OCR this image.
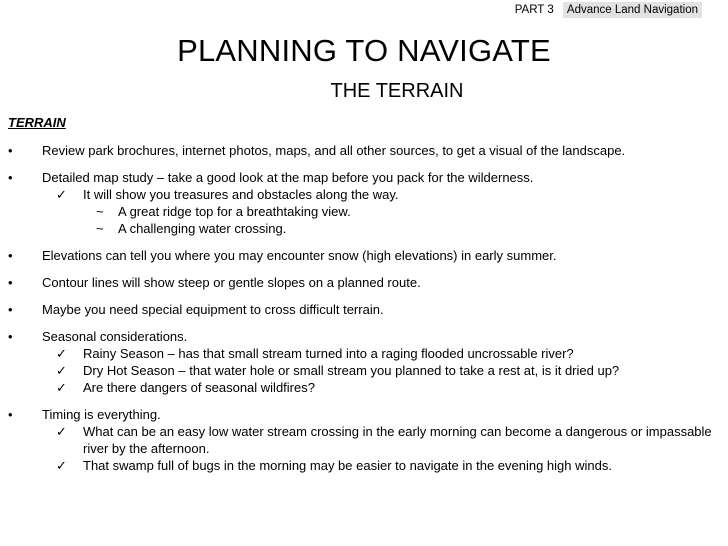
PART 3 Advance Land Navigation
PLANNING TO NAVIGATE
THE TERRAIN
TERRAIN
• Review park brochures, internet photos, maps, and all other sources, to get a visual of the landscape.
• Detailed map study – take a good look at the map before you pack for the wilderness.
✓ It will show you treasures and obstacles along the way.
~ A great ridge top for a breathtaking view.
~ A challenging water crossing.
• Elevations can tell you where you may encounter snow (high elevations) in early summer.
• Contour lines will show steep or gentle slopes on a planned route.
• Maybe you need special equipment to cross difficult terrain.
• Seasonal considerations.
✓ Rainy Season – has that small stream turned into a raging flooded uncrossable river?
✓ Dry Hot Season – that water hole or small stream you planned to take a rest at, is it dried up?
✓ Are there dangers of seasonal wildfires?
• Timing is everything.
✓ What can be an easy low water stream crossing in the early morning can become a dangerous or impassable river by the afternoon.
✓ That swamp full of bugs in the morning may be easier to navigate in the evening high winds.
